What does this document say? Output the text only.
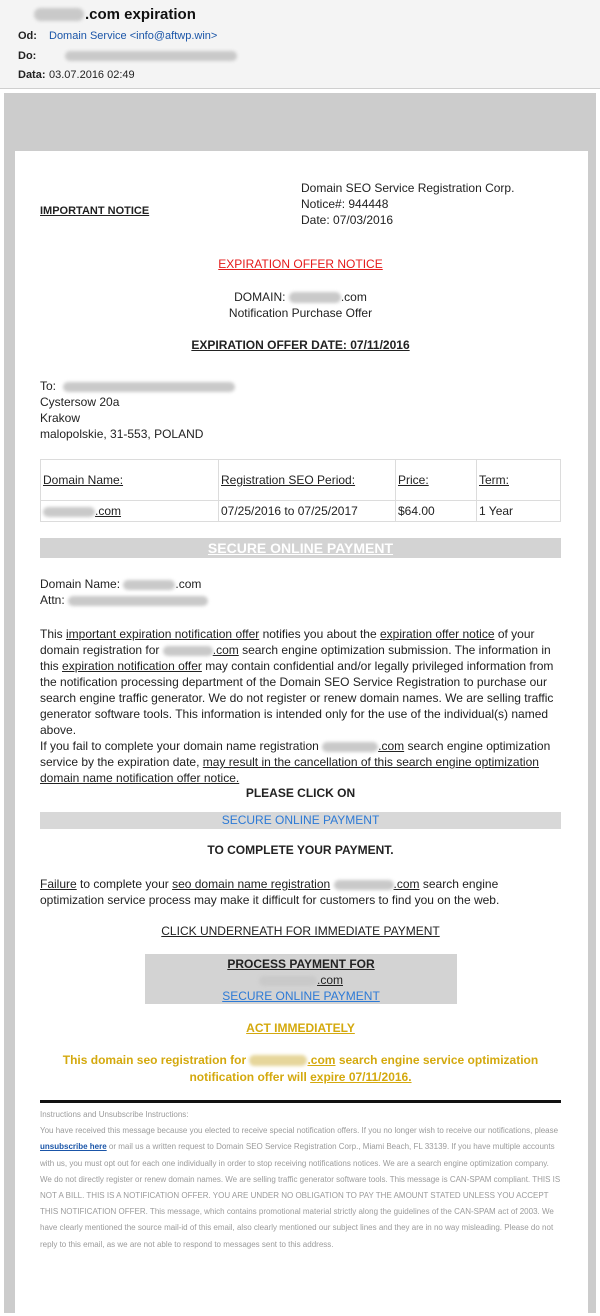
.com expiration
Od:	Domain Service <info@aftwp.win>
Do:
Data: 03.07.2016 02:49
IMPORTANT NOTICE
Domain SEO Service Registration Corp.
Notice#: 944448
Date: 07/03/2016
EXPIRATION OFFER NOTICE
DOMAIN:	.com
Notification Purchase Offer
EXPIRATION OFFER DATE: 07/11/2016
To:
Cystersow 20a
Krakow
malopolskie, 31-553, POLAND
Domain Name:	Registration SEO Period:	Price:	Term:
.com	07/25/2016 to 07/25/2017	$64.00	1 Year
SECURE ONLINE PAYMENT
Domain Name:	.com
Attn:
This important expiration notification offer notifies you about the expiration offer notice of your domain registration for	.com search engine optimization submission. The information in this expiration notification offer may contain confidential and/or legally privileged information from the notification processing department of the Domain SEO Service Registration to purchase our search engine traffic generator. We do not register or renew domain names. We are selling traffic generator software tools. This information is intended only for the use of the individual(s) named above.
If you fail to complete your domain name registration	.com search engine optimization service by the expiration date, may result in the cancellation of this search engine optimization domain name notification offer notice.
PLEASE CLICK ON
SECURE ONLINE PAYMENT
TO COMPLETE YOUR PAYMENT.
Failure to complete your seo domain name registration	.com search engine optimization service process may make it difficult for customers to find you on the web.
CLICK UNDERNEATH FOR IMMEDIATE PAYMENT
PROCESS PAYMENT FOR
.com
SECURE ONLINE PAYMENT
ACT IMMEDIATELY
This domain seo registration for	.com search engine service optimization notification offer will expire 07/11/2016.
Instructions and Unsubscribe Instructions:
You have received this message because you elected to receive special notification offers. If you no longer wish to receive our notifications, please unsubscribe here or mail us a written request to Domain SEO Service Registration Corp., Miami Beach, FL 33139. If you have multiple accounts with us, you must opt out for each one individually in order to stop receiving notifications notices. We are a search engine optimization company. We do not directly register or renew domain names. We are selling traffic generator software tools. This message is CAN-SPAM compliant. THIS IS NOT A BILL. THIS IS A NOTIFICATION OFFER. YOU ARE UNDER NO OBLIGATION TO PAY THE AMOUNT STATED UNLESS YOU ACCEPT THIS NOTIFICATION OFFER. This message, which contains promotional material strictly along the guidelines of the CAN-SPAM act of 2003. We have clearly mentioned the source mail-id of this email, also clearly mentioned our subject lines and they are in no way misleading. Please do not reply to this email, as we are not able to respond to messages sent to this address.
